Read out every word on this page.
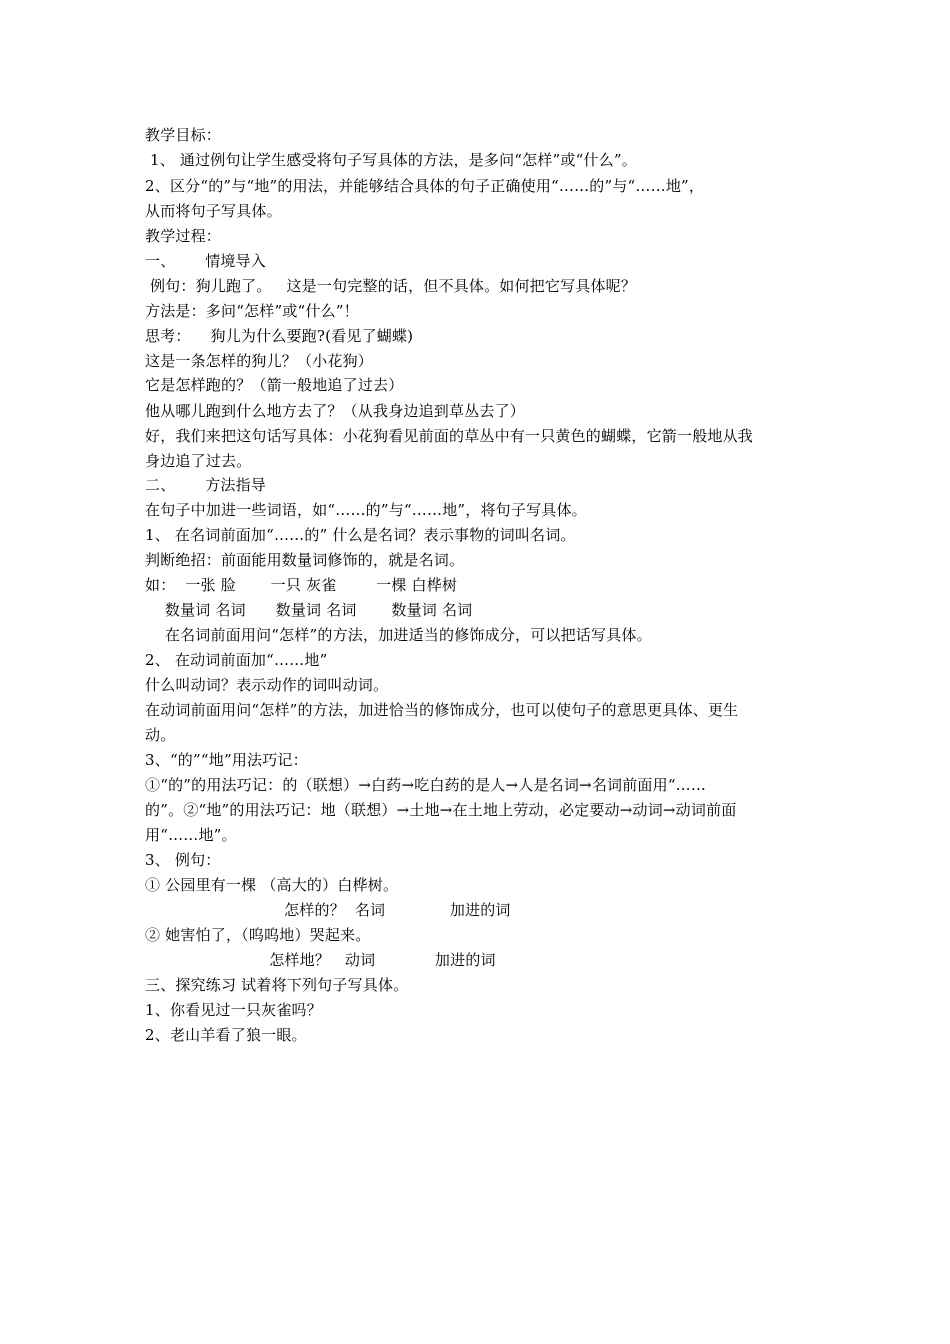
教学目标：
1、 通过例句让学生感受将句子写具体的方法，是多问“怎样”或“什么”。
2、区分“的”与“地”的用法，并能够结合具体的句子正确使用“……的”与“……地”，
从而将句子写具体。
教学过程：
一、      情境导入
例句：狗儿跑了。   这是一句完整的话，但不具体。如何把它写具体呢？
方法是：多问“怎样”或“什么”！
思考：    狗儿为什么要跑?(看见了蝴蝶)
这是一条怎样的狗儿？（小花狗）
它是怎样跑的？（箭一般地追了过去）
他从哪儿跑到什么地方去了？（从我身边追到草丛去了）
好，我们来把这句话写具体：小花狗看见前面的草丛中有一只黄色的蝴蝶，它箭一般地从我
身边追了过去。
二、      方法指导
在句子中加进一些词语，如“……的”与“……地”，将句子写具体。
1、 在名词前面加“……的” 什么是名词？表示事物的词叫名词。
判断绝招：前面能用数量词修饰的，就是名词。
如：  一张 脸       一只 灰雀        一棵 白桦树
数量词 名词      数量词 名词       数量词 名词
在名词前面用问“怎样”的方法，加进适当的修饰成分，可以把话写具体。
2、 在动词前面加“……地”
什么叫动词？表示动作的词叫动词。
在动词前面用问“怎样”的方法，加进恰当的修饰成分，也可以使句子的意思更具体、更生
动。
3、“的”“地”用法巧记：
①“的”的用法巧记：的（联想）→白药→吃白药的是人→人是名词→名词前面用“……
的”。②“地”的用法巧记：地（联想）→土地→在土地上劳动，必定要动→动词→动词前面
用“……地”。
3、 例句：
① 公园里有一棵 （高大的）白桦树。
怎样的？  名词             加进的词
② 她害怕了，（呜呜地）哭起来。
怎样地？   动词            加进的词
三、探究练习 试着将下列句子写具体。
1、你看见过一只灰雀吗？
2、老山羊看了狼一眼。
